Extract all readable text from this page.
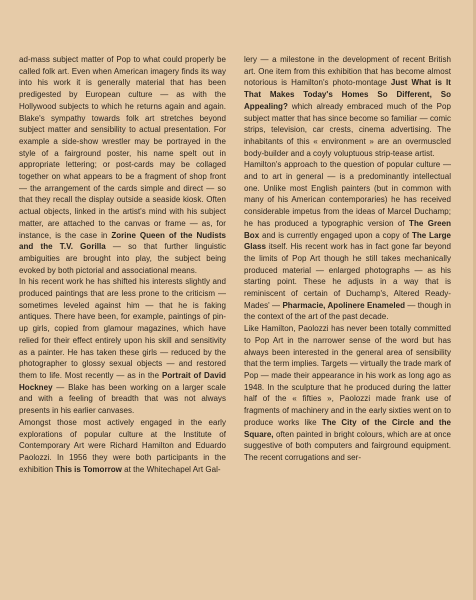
ad-mass subject matter of Pop to what could properly be called folk art. Even when American imagery finds its way into his work it is generally material that has been predigested by European culture — as with the Hollywood subjects to which he returns again and again. Blake's sympathy towards folk art stretches beyond subject matter and sensibility to actual presentation. For example a side-show wrestler may be portrayed in the style of a fairground poster, his name spelt out in appropriate lettering; or post-cards may be collaged together on what appears to be a fragment of shop front — the arrangement of the cards simple and direct — so that they recall the display outside a seaside kiosk. Often actual objects, linked in the artist's mind with his subject matter, are attached to the canvas or frame — as, for instance, is the case in Zorine Queen of the Nudists and the T.V. Gorilla — so that further linguistic ambiguities are brought into play, the subject being evoked by both pictorial and associational means.

In his recent work he has shifted his interests slightly and produced paintings that are less prone to the criticism — sometimes leveled against him — that he is faking antiques. There have been, for example, paintings of pin-up girls, copied from glamour magazines, which have relied for their effect entirely upon his skill and sensitivity as a painter. He has taken these girls — reduced by the photographer to glossy sexual objects — and restored them to life. Most recently — as in the Portrait of David Hockney — Blake has been working on a larger scale and with a feeling of breadth that was not always presents in his earlier canvases.

Amongst those most actively engaged in the early explorations of popular culture at the Institute of Contemporary Art were Richard Hamilton and Eduardo Paolozzi. In 1956 they were both participants in the exhibition This is Tomorrow at the Whitechapel Art Gal-

lery — a milestone in the development of recent British art. One item from this exhibition that has become almost notorious is Hamilton's photo-montage Just What is It That Makes Today's Homes So Different, So Appealing? which already embraced much of the Pop subject matter that has since become so familiar — comic strips, television, car crests, cinema advertising. The inhabitants of this « environment » are an overmuscled body-builder and a coyly voluptuous strip-tease artist.

Hamilton's approach to the question of popular culture — and to art in general — is a predominantly intellectual one. Unlike most English painters (but in common with many of his American contemporaries) he has received considerable impetus from the ideas of Marcel Duchamp; he has produced a typographic version of The Green Box and is currently engaged upon a copy of The Large Glass itself. His recent work has in fact gone far beyond the limits of Pop Art though he still takes mechanically produced material — enlarged photographs — as his starting point. These he adjusts in a way that is reminiscent of certain of Duchamp's, Altered Ready-Mades' — Pharmacie, Apolinere Enameled — though in the context of the art of the past decade.

Like Hamilton, Paolozzi has never been totally committed to Pop Art in the narrower sense of the word but has always been interested in the general area of sensibility that the term implies. Targets — virtually the trade mark of Pop — made their appearance in his work as long ago as 1948. In the sculpture that he produced during the latter half of the « fifties », Paolozzi made frank use of fragments of machinery and in the early sixties went on to produce works like The City of the Circle and the Square, often painted in bright colours, which are at once suggestive of both computers and fairground equipment. The recent corrugations and ser-
